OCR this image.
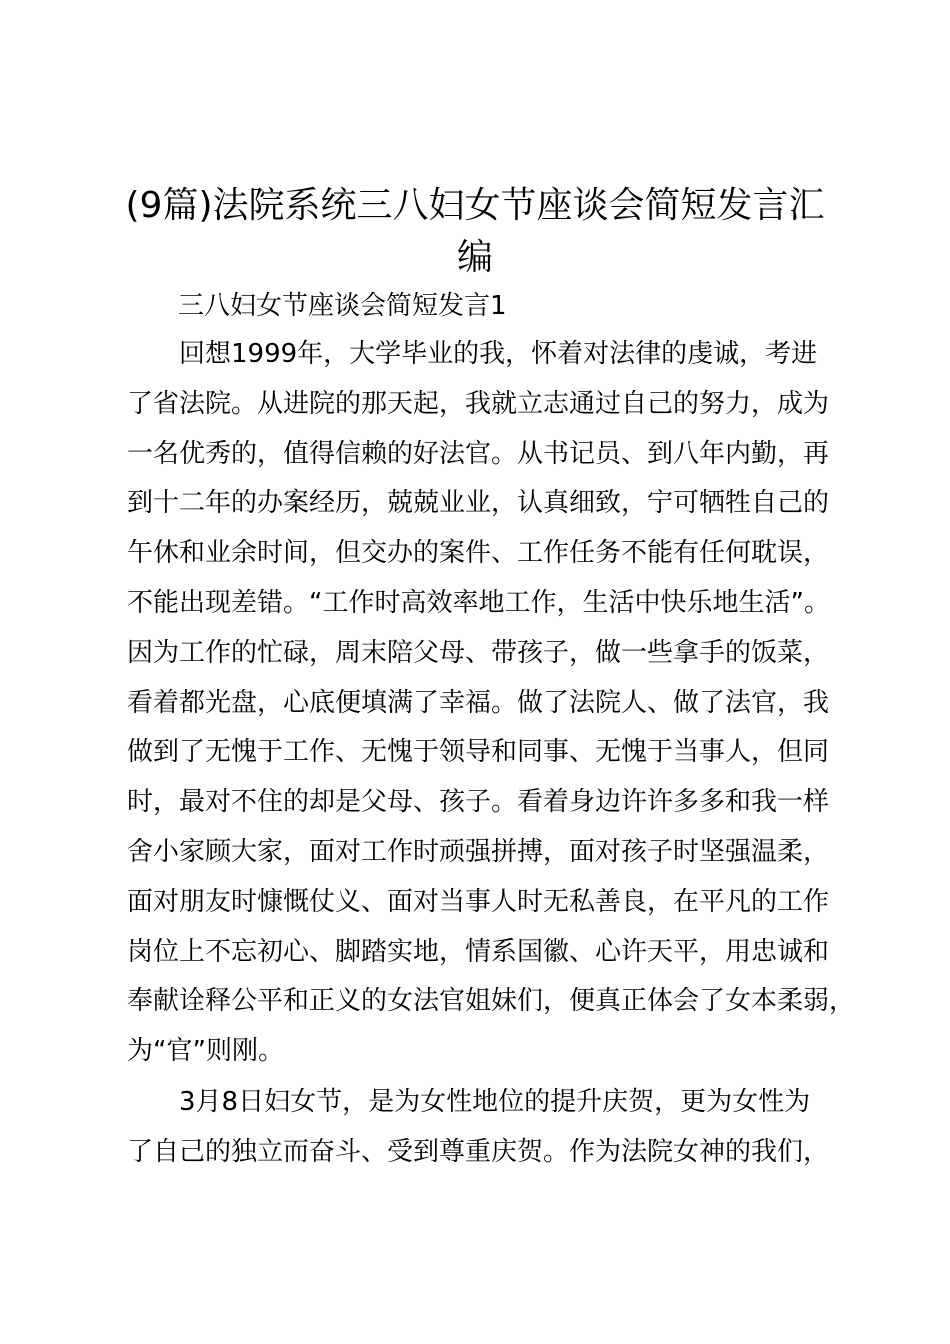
(9篇)法院系统三八妇女节座谈会简短发言汇
编
三八妇女节座谈会简短发言1
　　回想1999年，大学毕业的我，怀着对法律的虔诚，考进
了省法院。从进院的那天起，我就立志通过自己的努力，成为
一名优秀的，值得信赖的好法官。从书记员、到八年内勤，再
到十二年的办案经历，兢兢业业，认真细致，宁可牺牲自己的
午休和业余时间，但交办的案件、工作任务不能有任何耽误，
不能出现差错。“工作时高效率地工作，生活中快乐地生活”。
因为工作的忙碌，周末陪父母、带孩子，做一些拿手的饭菜，
看着都光盘，心底便填满了幸福。做了法院人、做了法官，我
做到了无愧于工作、无愧于领导和同事、无愧于当事人，但同
时，最对不住的却是父母、孩子。看着身边许许多多和我一样
舍小家顾大家，面对工作时顽强拼搏，面对孩子时坚强温柔，
面对朋友时慷慨仗义、面对当事人时无私善良，在平凡的工作
岗位上不忘初心、脚踏实地，情系国徽、心许天平，用忠诚和
奉献诠释公平和正义的女法官姐妹们，便真正体会了女本柔弱，
为“官”则刚。
　　3月8日妇女节，是为女性地位的提升庆贺，更为女性为
了自己的独立而奋斗、受到尊重庆贺。作为法院女神的我们，
